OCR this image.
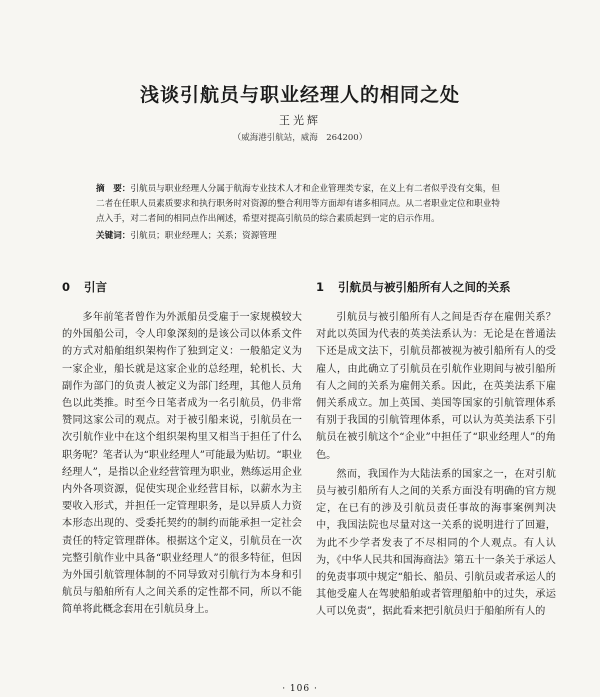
浅谈引航员与职业经理人的相同之处
王光辉
（威海港引航站，威海　264200）
摘　要：引航员与职业经理人分属于航海专业技术人才和企业管理类专家，在义上有二者似乎没有交集，但二者在任职人员素质要求和执行职务时对资源的整合利用等方面却有诸多相同点。从二者职业定位和职业特点入手，对二者间的相同点作出阐述，希望对提高引航员的综合素质起到一定的启示作用。
关键词：引航员；职业经理人；关系；资源管理
0 引言

多年前笔者曾作为外派船员受雇于一家规模较大的外国船公司，令人印象深刻的是该公司以体系文件的方式对船舶组织架构作了独到定义：一般船定义为一家企业，船长就是这家企业的总经理，轮机长、大副作为部门的负责人被定义为部门经理，其他人员角色以此类推。时至今日笔者成为一名引航员，仍非常赞同这家公司的观点。对于被引船来说，引航员在一次引航作业中在这个组织架构里又相当于担任了什么职务呢？笔者认为“职业经理人”可能最为贴切。“职业经理人”，是指以企业经营管理为职业，熟练运用企业内外各项资源，促使实现企业经营目标，以薪水为主要收入形式，并担任一定管理职务，是以异质人力资本形态出现的、受委托契约的制约而能承担一定社会责任的特定管理群体。根据这个定义，引航员在一次完整引航作业中具备“职业经理人”的很多特征，但因为外国引航管理体制的不同导致对引航行为本身和引航员与船舶所有人之间关系的定性都不同，所以不能简单将此概念套用在引航员身上。

1 引航员与被引船所有人之间的关系

引航员与被引船所有人之间是否存在雇佣关系？对此以英国为代表的英美法系认为：无论是在普通法下还是成文法下，引航员都被视为被引船所有人的受雇人，由此确立了引航员在引航作业期间与被引船所有人之间的关系为雇佣关系。因此，在英美法系下雇佣关系成立。加上英国、美国等国家的引航管理体系有别于我国的引航管理体系，可以认为英美法系下引航员在被引航这个“企业”中担任了“职业经理人”的角色。

然而，我国作为大陆法系的国家之一，在对引航员与被引船所有人之间的关系方面没有明确的官方规定，在已有的涉及引航员责任事故的海事案例判决中，我国法院也尽量对这一关系的说明进行了回避，为此不少学者发表了不尽相同的个人观点。有人认为，《中华人民共和国海商法》第五十一条关于承运人的免责事项中规定“船长、船员、引航员或者承运人的其他受雇人在驾驶船舶或者管理船舶中的过失，承运人可以免责”，据此看来把引航员归于船舶所有人的

· 106 ·
